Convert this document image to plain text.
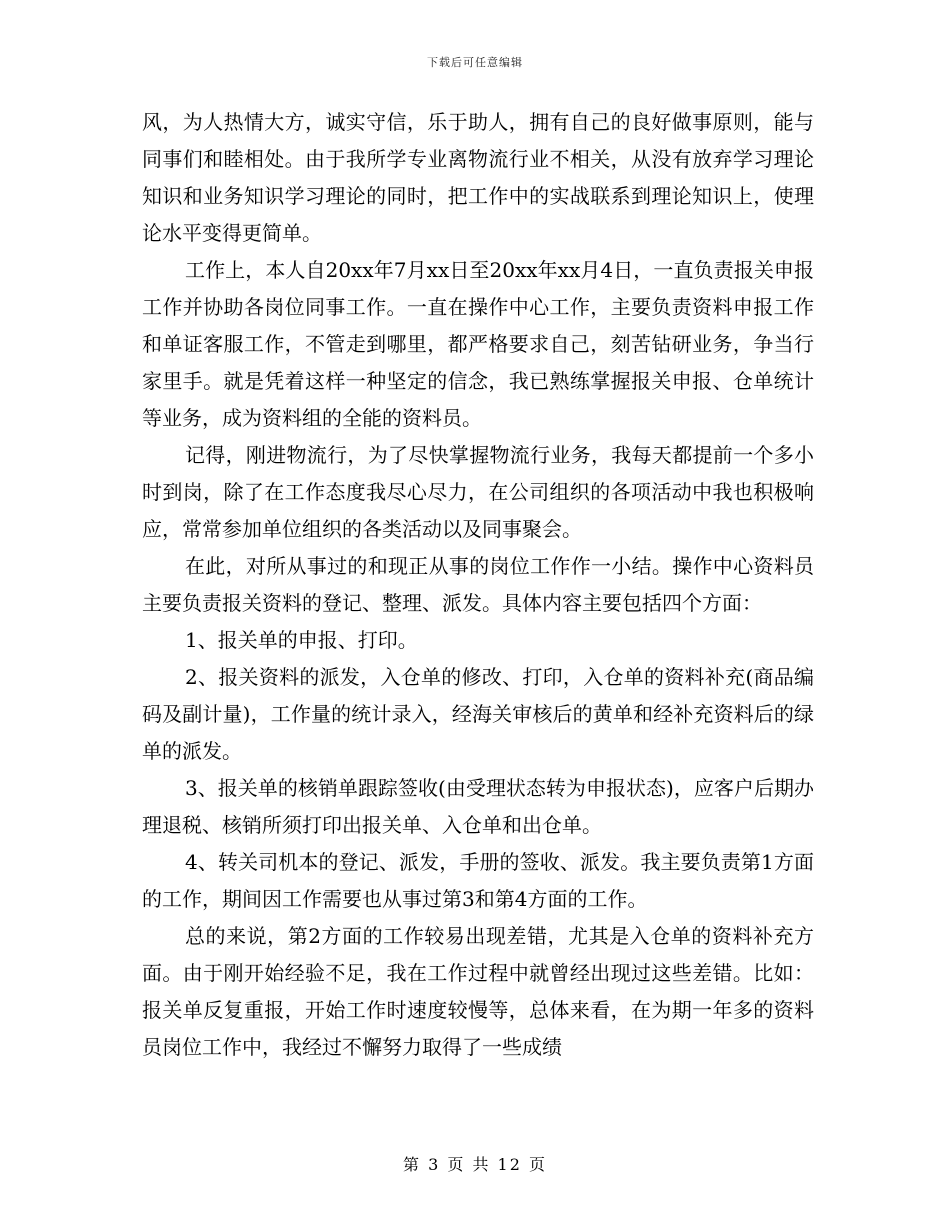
下载后可任意编辑

风，为人热情大方，诚实守信，乐于助人，拥有自己的良好做事原则，能与同事们和睦相处。由于我所学专业离物流行业不相关，从没有放弃学习理论知识和业务知识学习理论的同时，把工作中的实战联系到理论知识上，使理论水平变得更简单。

工作上，本人自20xx年7月xx日至20xx年xx月4日，一直负责报关申报工作并协助各岗位同事工作。一直在操作中心工作，主要负责资料申报工作和单证客服工作，不管走到哪里，都严格要求自己，刻苦钻研业务，争当行家里手。就是凭着这样一种坚定的信念，我已熟练掌握报关申报、仓单统计等业务，成为资料组的全能的资料员。

记得，刚进物流行，为了尽快掌握物流行业务，我每天都提前一个多小时到岗，除了在工作态度我尽心尽力，在公司组织的各项活动中我也积极响应，常常参加单位组织的各类活动以及同事聚会。

在此，对所从事过的和现正从事的岗位工作作一小结。操作中心资料员主要负责报关资料的登记、整理、派发。具体内容主要包括四个方面：

1、报关单的申报、打印。

2、报关资料的派发，入仓单的修改、打印，入仓单的资料补充(商品编码及副计量)，工作量的统计录入，经海关审核后的黄单和经补充资料后的绿单的派发。

3、报关单的核销单跟踪签收(由受理状态转为申报状态)，应客户后期办理退税、核销所须打印出报关单、入仓单和出仓单。

4、转关司机本的登记、派发，手册的签收、派发。我主要负责第1方面的工作，期间因工作需要也从事过第3和第4方面的工作。

总的来说，第2方面的工作较易出现差错，尤其是入仓单的资料补充方面。由于刚开始经验不足，我在工作过程中就曾经出现过这些差错。比如：报关单反复重报，开始工作时速度较慢等，总体来看，在为期一年多的资料员岗位工作中，我经过不懈努力取得了一些成绩

第 3 页 共 12 页
